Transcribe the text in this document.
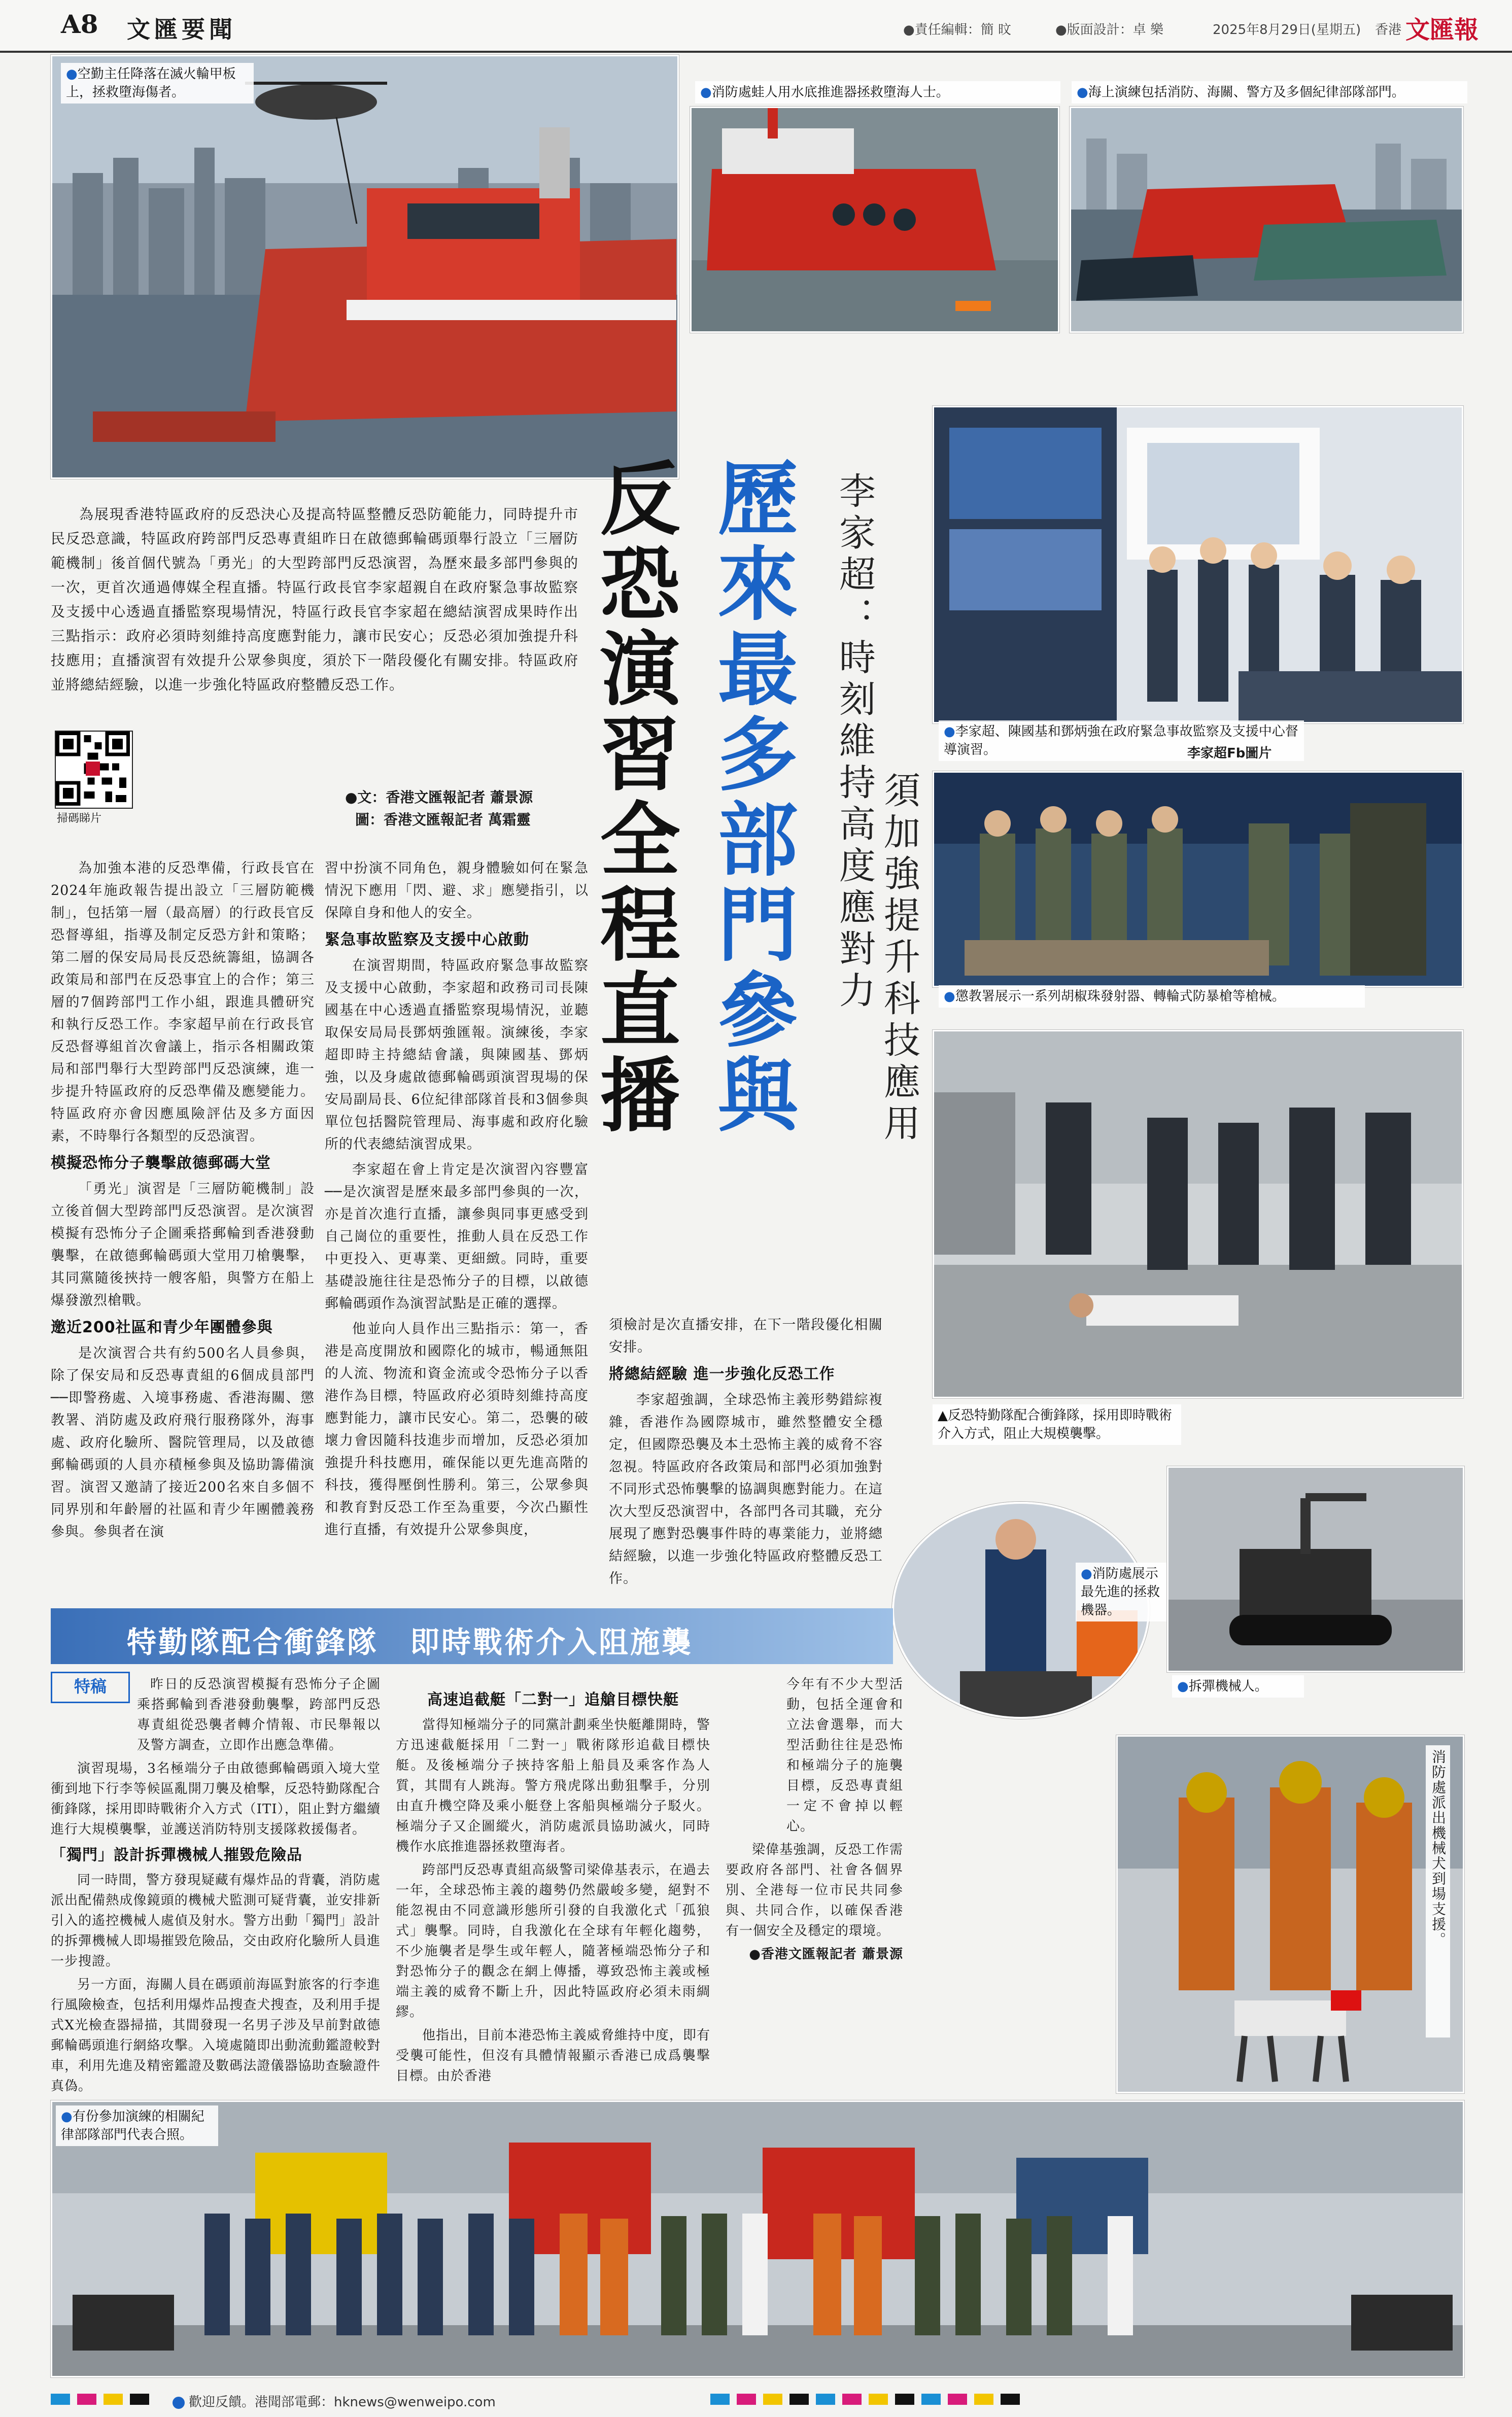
A8 文匯要聞	●責任編輯：簡 旼	●版面設計：卓 樂	2025年8月29日(星期五) 香港 文匯報
●空勤主任降落在滅火輪甲板上，拯救墮海傷者。	●消防處蛙人用水底推進器拯救墮海人士。	●海上演練包括消防、海關、警方及多個紀律部隊部門。

為展現香港特區政府的反恐決心及提高特區整體反恐防範能力，同時提升市民反恐意識，特區政府跨部門反恐專責組昨日在啟德郵輪碼頭舉行設立「三層防範機制」後首個代號為「勇光」的大型跨部門反恐演習，為歷來最多部門參與的一次，更首次通過傳媒全程直播。特區行政長官李家超親自在政府緊急事故監察及支援中心透過直播監察現場情況，特區行政長官李家超在總結演習成果時作出三點指示：政府必須時刻維持高度應對能力，讓市民安心；反恐必須加強提升科技應用；直播演習有效提升公眾參與度，須於下一階段優化有關安排。特區政府並將總結經驗，以進一步強化特區政府整體反恐工作。

掃碼睇片
●文：香港文匯報記者 蕭景源
圖：香港文匯報記者 萬霜靈 反恐演習全程直播 歷來最多部門參與 李家超：時刻維持高度應對力 須加強提升科技應用
●李家超、陳國基和鄧炳強在政府緊急事故監察及支援中心督導演習。	李家超Fb圖片
●懲教署展示一系列胡椒珠發射器、轉輪式防暴槍等槍械。
▲反恐特勤隊配合衝鋒隊，採用即時戰術介入方式，阻止大規模襲擊。
●消防處展示最先進的拯救機器。
●拆彈機械人。

為加強本港的反恐準備，行政長官在2024年施政報告提出設立「三層防範機制」，包括第一層（最高層）的行政長官反恐督導組，指導及制定反恐方針和策略；第二層的保安局局長反恐統籌組，協調各政策局和部門在反恐事宜上的合作；第三層的7個跨部門工作小組，跟進具體研究和執行反恐工作。李家超早前在行政長官反恐督導組首次會議上，指示各相關政策局和部門舉行大型跨部門反恐演練，進一步提升特區政府的反恐準備及應變能力。特區政府亦會因應風險評估及多方面因素，不時舉行各類型的反恐演習。

模擬恐怖分子襲擊啟德郵碼大堂

「勇光」演習是「三層防範機制」設立後首個大型跨部門反恐演習。是次演習模擬有恐怖分子企圖乘搭郵輪到香港發動襲擊，在啟德郵輪碼頭大堂用刀槍襲擊，其同黨隨後挾持一艘客船，與警方在船上爆發激烈槍戰。

邀近200社區和青少年團體參與

是次演習合共有約500名人員參與，除了保安局和反恐專責組的6個成員部門──即警務處、入境事務處、香港海關、懲教署、消防處及政府飛行服務隊外，海事處、政府化驗所、醫院管理局，以及啟德郵輪碼頭的人員亦積極參與及協助籌備演習。演習又邀請了接近200名來自多個不同界別和年齡層的社區和青少年團體義務參與。參與者在演

習中扮演不同角色，親身體驗如何在緊急情況下應用「閃、避、求」應變指引，以保障自身和他人的安全。

緊急事故監察及支援中心啟動

在演習期間，特區政府緊急事故監察及支援中心啟動，李家超和政務司司長陳國基在中心透過直播監察現場情況，並聽取保安局局長鄧炳強匯報。演練後，李家超即時主持總結會議，與陳國基、鄧炳強，以及身處啟德郵輪碼頭演習現場的保安局副局長、6位紀律部隊首長和3個參與單位包括醫院管理局、海事處和政府化驗所的代表總結演習成果。

李家超在會上肯定是次演習內容豐富──是次演習是歷來最多部門參與的一次，亦是首次進行直播，讓參與同事更感受到自己崗位的重要性，推動人員在反恐工作中更投入、更專業、更細緻。同時，重要基礎設施往往是恐怖分子的目標，以啟德郵輪碼頭作為演習試點是正確的選擇。

他並向人員作出三點指示：第一，香港是高度開放和國際化的城市，暢通無阻的人流、物流和資金流或令恐怖分子以香港作為目標，特區政府必須時刻維持高度應對能力，讓市民安心。第二，恐襲的破壞力會因隨科技進步而增加，反恐必須加強提升科技應用，確保能以更先進高階的科技，獲得壓倒性勝利。第三，公眾參與和教育對反恐工作至為重要，今次凸顯性進行直播，有效提升公眾參與度，

須檢討是次直播安排，在下一階段優化相關安排。

將總結經驗 進一步強化反恐工作

李家超強調，全球恐怖主義形勢錯綜複雜，香港作為國際城市，雖然整體安全穩定，但國際恐襲及本土恐怖主義的威脅不容忽視。特區政府各政策局和部門必須加強對不同形式恐怖襲擊的協調與應對能力。在這次大型反恐演習中，各部門各司其職，充分展現了應對恐襲事件時的專業能力，並將總結經驗，以進一步強化特區政府整體反恐工作。

特勤隊配合衝鋒隊　即時戰術介入阻施襲
特稿	昨日的反恐演習模擬有恐怖分子企圖乘搭郵輪到香港發動襲擊，跨部門反恐專責組從恐襲者轉介情報、市民舉報以及警方調查，立即作出應急準備。

演習現場，3名極端分子由啟德郵輪碼頭入境大堂衝到地下行李等候區亂開刀襲及槍擊，反恐特勤隊配合衝鋒隊，採用即時戰術介入方式（ITI），阻止對方繼續進行大規模襲擊，並護送消防特別支援隊救援傷者。

「獨門」設計拆彈機械人摧毀危險品

同一時間，警方發現疑藏有爆炸品的背囊，消防處派出配備熱成像鏡頭的機械犬監測可疑背囊，並安排新引入的遙控機械人處偵及射水。警方出動「獨門」設計的拆彈機械人即場摧毀危險品，交由政府化驗所人員進一步搜證。

另一方面，海關人員在碼頭前海區對旅客的行李進行風險檢查，包括利用爆炸品搜查犬搜查，及利用手提式X光檢查器掃描，其間發現一名男子涉及早前對啟德郵輪碼頭進行網絡攻擊。入境處隨即出動流動鑑證較對車，利用先進及精密鑑證及數碼法證儀器協助查驗證件真偽。

高速追截艇「二對一」追艙目標快艇

當得知極端分子的同黨計劃乘坐快艇離開時，警方迅速截艇採用「二對一」戰術隊形追截目標快艇。及後極端分子挾持客船上船員及乘客作為人質，其間有人跳海。警方飛虎隊出動狙擊手，分別由直升機空降及乘小艇登上客船與極端分子駁火。極端分子又企圖縱火，消防處派員協助滅火，同時機作水底推進器拯救墮海者。

跨部門反恐專責組高級警司梁偉基表示，在過去一年，全球恐怖主義的趨勢仍然嚴峻多變，絕對不能忽視由不同意識形態所引發的自我激化式「孤狼式」襲擊。同時，自我激化在全球有年輕化趨勢，不少施襲者是學生或年輕人，隨著極端恐怖分子和對恐怖分子的觀念在網上傳播，導致恐怖主義或極端主義的威脅不斷上升，因此特區政府必須未雨綢繆。

他指出，目前本港恐怖主義威脅維持中度，即有受襲可能性，但沒有具體情報顯示香港已成爲襲擊目標。由於香港

今年有不少大型活動，包括全運會和立法會選舉，而大型活動往往是恐怖和極端分子的施襲目標，反恐專責組一定不會掉以輕心。

梁偉基強調，反恐工作需要政府各部門、社會各個界別、全港每一位市民共同參與、共同合作，以確保香港有一個安全及穩定的環境。

●香港文匯報記者 蕭景源
消防處派出機械犬到場支援。
●有份參加演練的相關紀律部隊部門代表合照。
歡迎反饋。港聞部電郵：hknews@wenweipo.com
